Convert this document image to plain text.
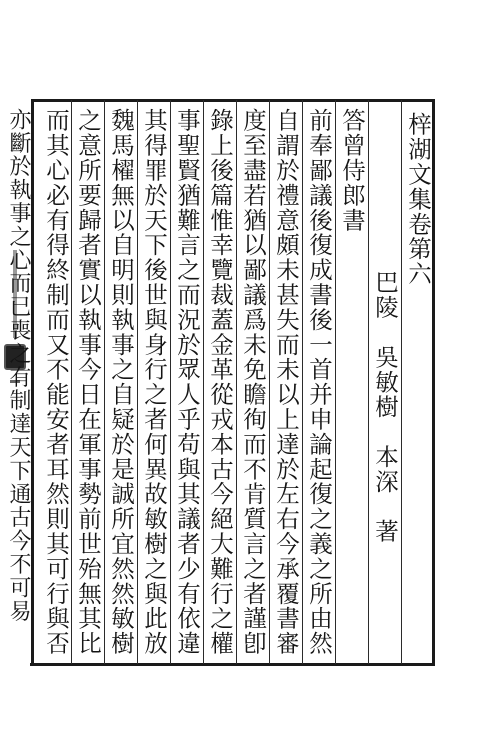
梓湖文集卷第六
巴陵　吳敏樹　本深　著
答曾侍郎書
前奉鄙議後復成書後一首并申論起復之義之所由然
自謂於禮意頗未甚失而未以上達於左右今承覆書審
度至盡若猶以鄙議爲未免瞻徇而不肯質言之者謹卽
錄上後篇惟幸覽裁蓋金革從戎本古今絕大難行之權
事聖賢猶難言之而況於眾人乎苟與其議者少有依違
其得罪於天下後世與身行之者何異故敏樹之與此放
魏馬櫂無以自明則執事之自疑於是誠所宜然然敏樹
之意所要歸者實以執事今日在軍事勢前世殆無其比
而其心必有得終制而又不能安者耳然則其可行與否
亦斷於執事之心而已喪之有制達天下通古今不可易
